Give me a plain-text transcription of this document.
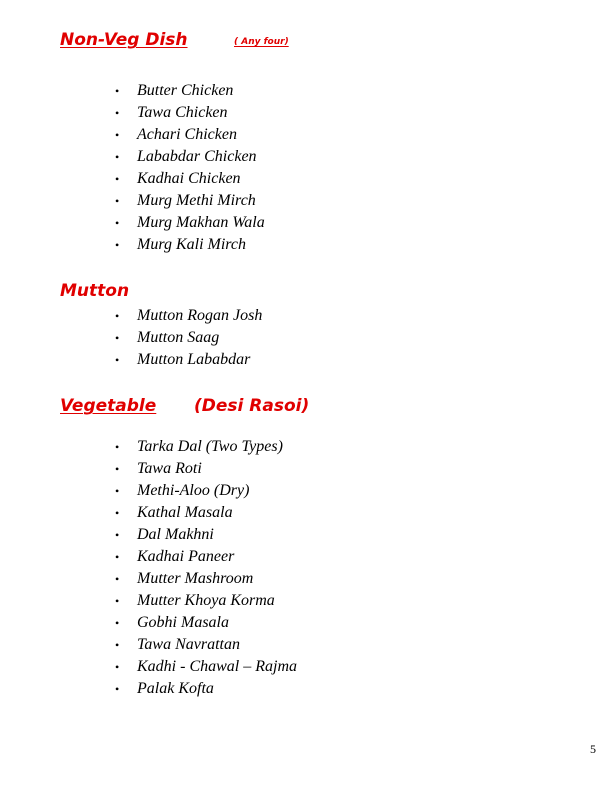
Non-Veg Dish	( Any four)
• Butter Chicken
• Tawa Chicken
• Achari Chicken
• Lababdar Chicken
• Kadhai Chicken
• Murg Methi Mirch
• Murg Makhan Wala
• Murg Kali Mirch
Mutton
• Mutton Rogan Josh
• Mutton Saag
• Mutton Lababdar
Vegetable (Desi Rasoi)
• Tarka Dal (Two Types)
• Tawa Roti
• Methi-Aloo (Dry)
• Kathal Masala
• Dal Makhni
• Kadhai Paneer
• Mutter Mashroom
• Mutter Khoya Korma
• Gobhi Masala
• Tawa Navrattan
• Kadhi - Chawal – Rajma
• Palak Kofta
5
